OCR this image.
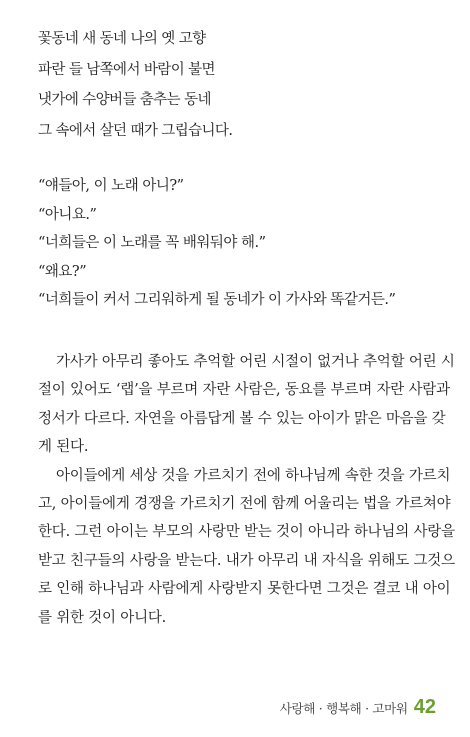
꽃동네 새 동네 나의 옛 고향
파란 들 남쪽에서 바람이 불면
냇가에 수양버들 춤추는 동네
그 속에서 살던 때가 그립습니다.
“얘들아, 이 노래 아니?”
“아니요.”
“너희들은 이 노래를 꼭 배워둬야 해.”
“왜요?”
“너희들이 커서 그리워하게 될 동네가 이 가사와 똑같거든.”
가사가 아무리 좋아도 추억할 어린 시절이 없거나 추억할 어린 시
절이 있어도 ‘랩’을 부르며 자란 사람은, 동요를 부르며 자란 사람과
정서가 다르다. 자연을 아름답게 볼 수 있는 아이가 맑은 마음을 갖
게 된다.
아이들에게 세상 것을 가르치기 전에 하나님께 속한 것을 가르치
고, 아이들에게 경쟁을 가르치기 전에 함께 어울리는 법을 가르쳐야
한다. 그런 아이는 부모의 사랑만 받는 것이 아니라 하나님의 사랑을
받고 친구들의 사랑을 받는다. 내가 아무리 내 자식을 위해도 그것으
로 인해 하나님과 사람에게 사랑받지 못한다면 그것은 결코 내 아이
를 위한 것이 아니다.
사랑해 · 행복해 · 고마워 42
